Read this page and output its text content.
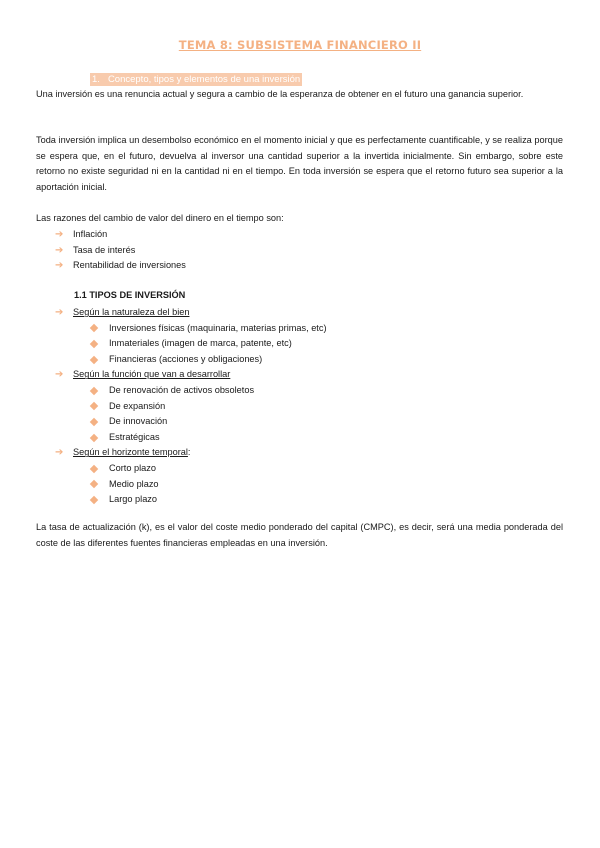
TEMA 8: SUBSISTEMA FINANCIERO II
1. Concepto, tipos y elementos de una inversión

Una inversión es una renuncia actual y segura a cambio de la esperanza de obtener en el futuro una ganancia superior.

Toda inversión implica un desembolso económico en el momento inicial y que es perfectamente cuantificable, y se realiza porque se espera que, en el futuro, devuelva al inversor una cantidad superior a la invertida inicialmente. Sin embargo, sobre este retorno no existe seguridad ni en la cantidad ni en el tiempo. En toda inversión se espera que el retorno futuro sea superior a la aportación inicial.

Las razones del cambio de valor del dinero en el tiempo son:

➔	Inflación
➔	Tasa de interés
➔	Rentabilidad de inversiones
1.1 TIPOS DE INVERSIÓN
➔	Según la naturaleza del bien
Inversiones físicas (maquinaria, materias primas, etc)
Inmateriales (imagen de marca, patente, etc)
Financieras (acciones y obligaciones)
➔	Según la función que van a desarrollar
De renovación de activos obsoletos
De expansión
De innovación
Estratégicas
➔	Según el horizonte temporal :
Corto plazo
Medio plazo
Largo plazo

La tasa de actualización (k), es el valor del coste medio ponderado del capital (CMPC), es decir, será una media ponderada del coste de las diferentes fuentes financieras empleadas en una inversión.
